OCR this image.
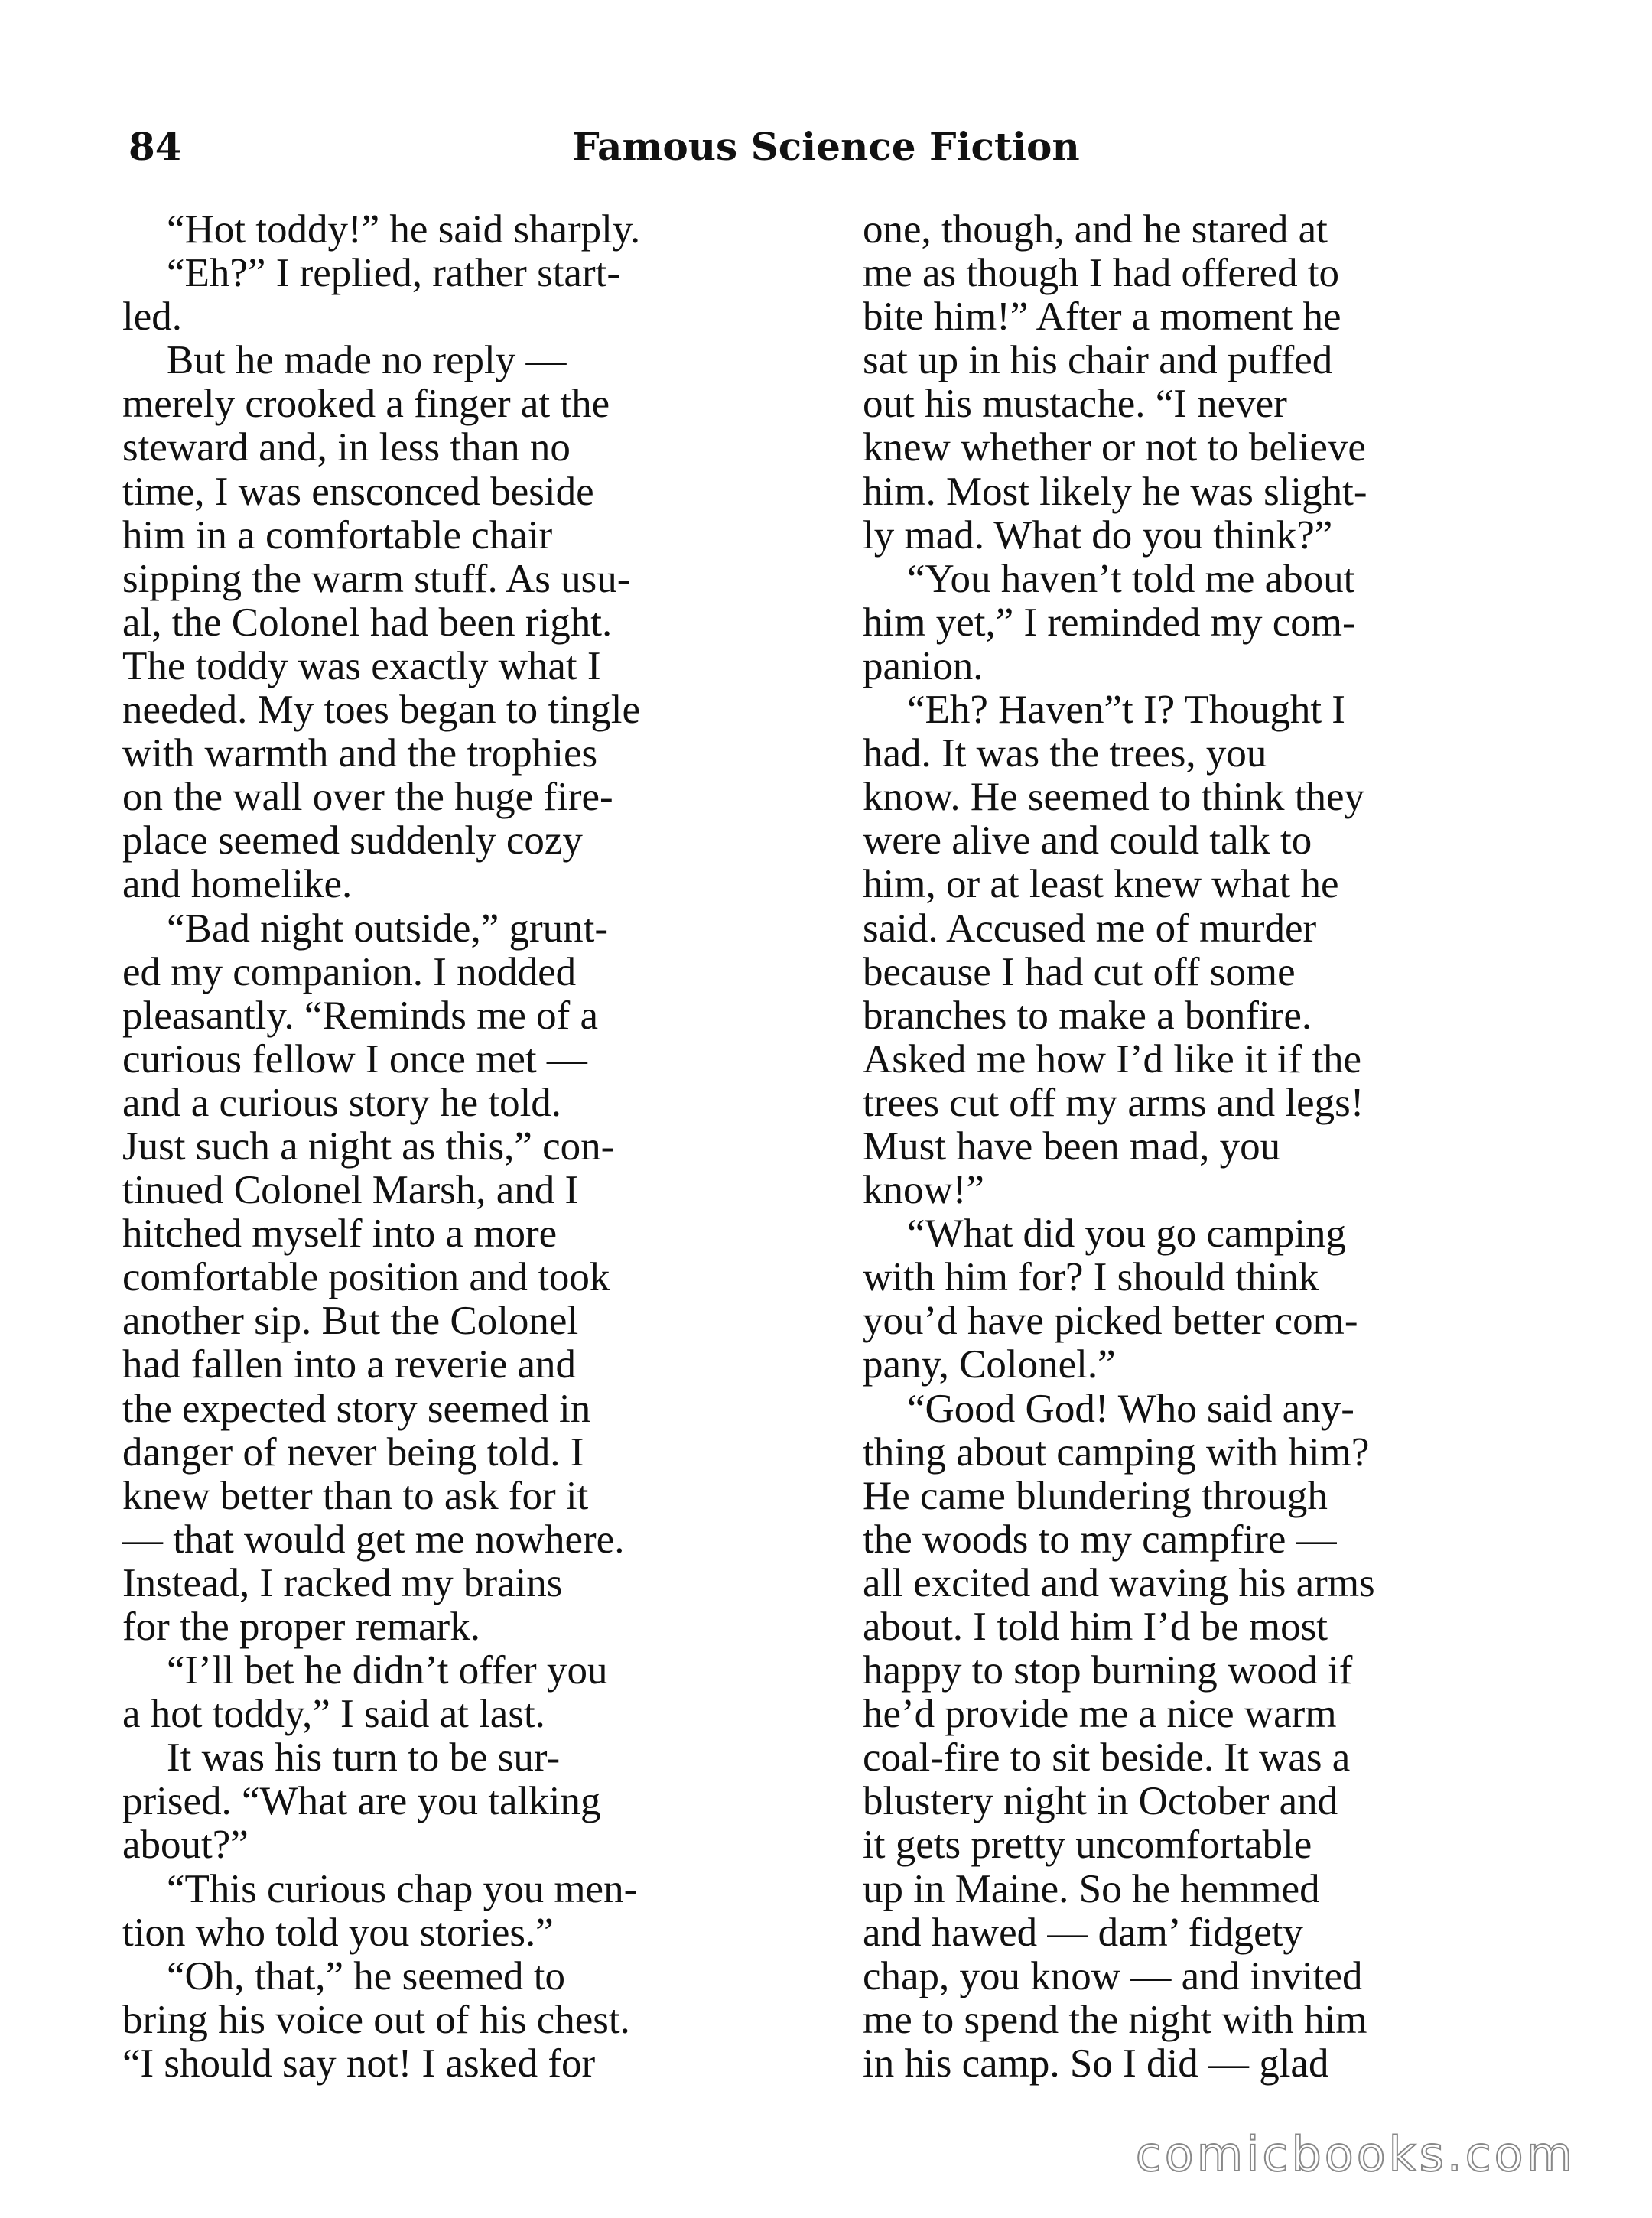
84	Famous Science Fiction
“Hot toddy!” he said sharply.
“Eh?” I replied, rather start-
led.
But he made no reply —
merely crooked a finger at the
steward and, in less than no
time, I was ensconced beside
him in a comfortable chair
sipping the warm stuff. As usu-
al, the Colonel had been right.
The toddy was exactly what I
needed. My toes began to tingle
with warmth and the trophies
on the wall over the huge fire-
place seemed suddenly cozy
and homelike.
“Bad night outside,” grunt-
ed my companion. I nodded
pleasantly. “Reminds me of a
curious fellow I once met —
and a curious story he told.
Just such a night as this,” con-
tinued Colonel Marsh, and I
hitched myself into a more
comfortable position and took
another sip. But the Colonel
had fallen into a reverie and
the expected story seemed in
danger of never being told. I
knew better than to ask for it
— that would get me nowhere.
Instead, I racked my brains
for the proper remark.
“I’ll bet he didn’t offer you
a hot toddy,” I said at last.
It was his turn to be sur-
prised. “What are you talking
about?”
“This curious chap you men-
tion who told you stories.”
“Oh, that,” he seemed to
bring his voice out of his chest.
“I should say not! I asked for
one, though, and he stared at
me as though I had offered to
bite him!” After a moment he
sat up in his chair and puffed
out his mustache. “I never
knew whether or not to believe
him. Most likely he was slight-
ly mad. What do you think?”
“You haven’t told me about
him yet,” I reminded my com-
panion.
“Eh? Haven”t I? Thought I
had. It was the trees, you
know. He seemed to think they
were alive and could talk to
him, or at least knew what he
said. Accused me of murder
because I had cut off some
branches to make a bonfire.
Asked me how I’d like it if the
trees cut off my arms and legs!
Must have been mad, you
know!”
“What did you go camping
with him for? I should think
you’d have picked better com-
pany, Colonel.”
“Good God! Who said any-
thing about camping with him?
He came blundering through
the woods to my campfire —
all excited and waving his arms
about. I told him I’d be most
happy to stop burning wood if
he’d provide me a nice warm
coal-fire to sit beside. It was a
blustery night in October and
it gets pretty uncomfortable
up in Maine. So he hemmed
and hawed — dam’ fidgety
chap, you know — and invited
me to spend the night with him
in his camp. So I did — glad
comicbooks.com
